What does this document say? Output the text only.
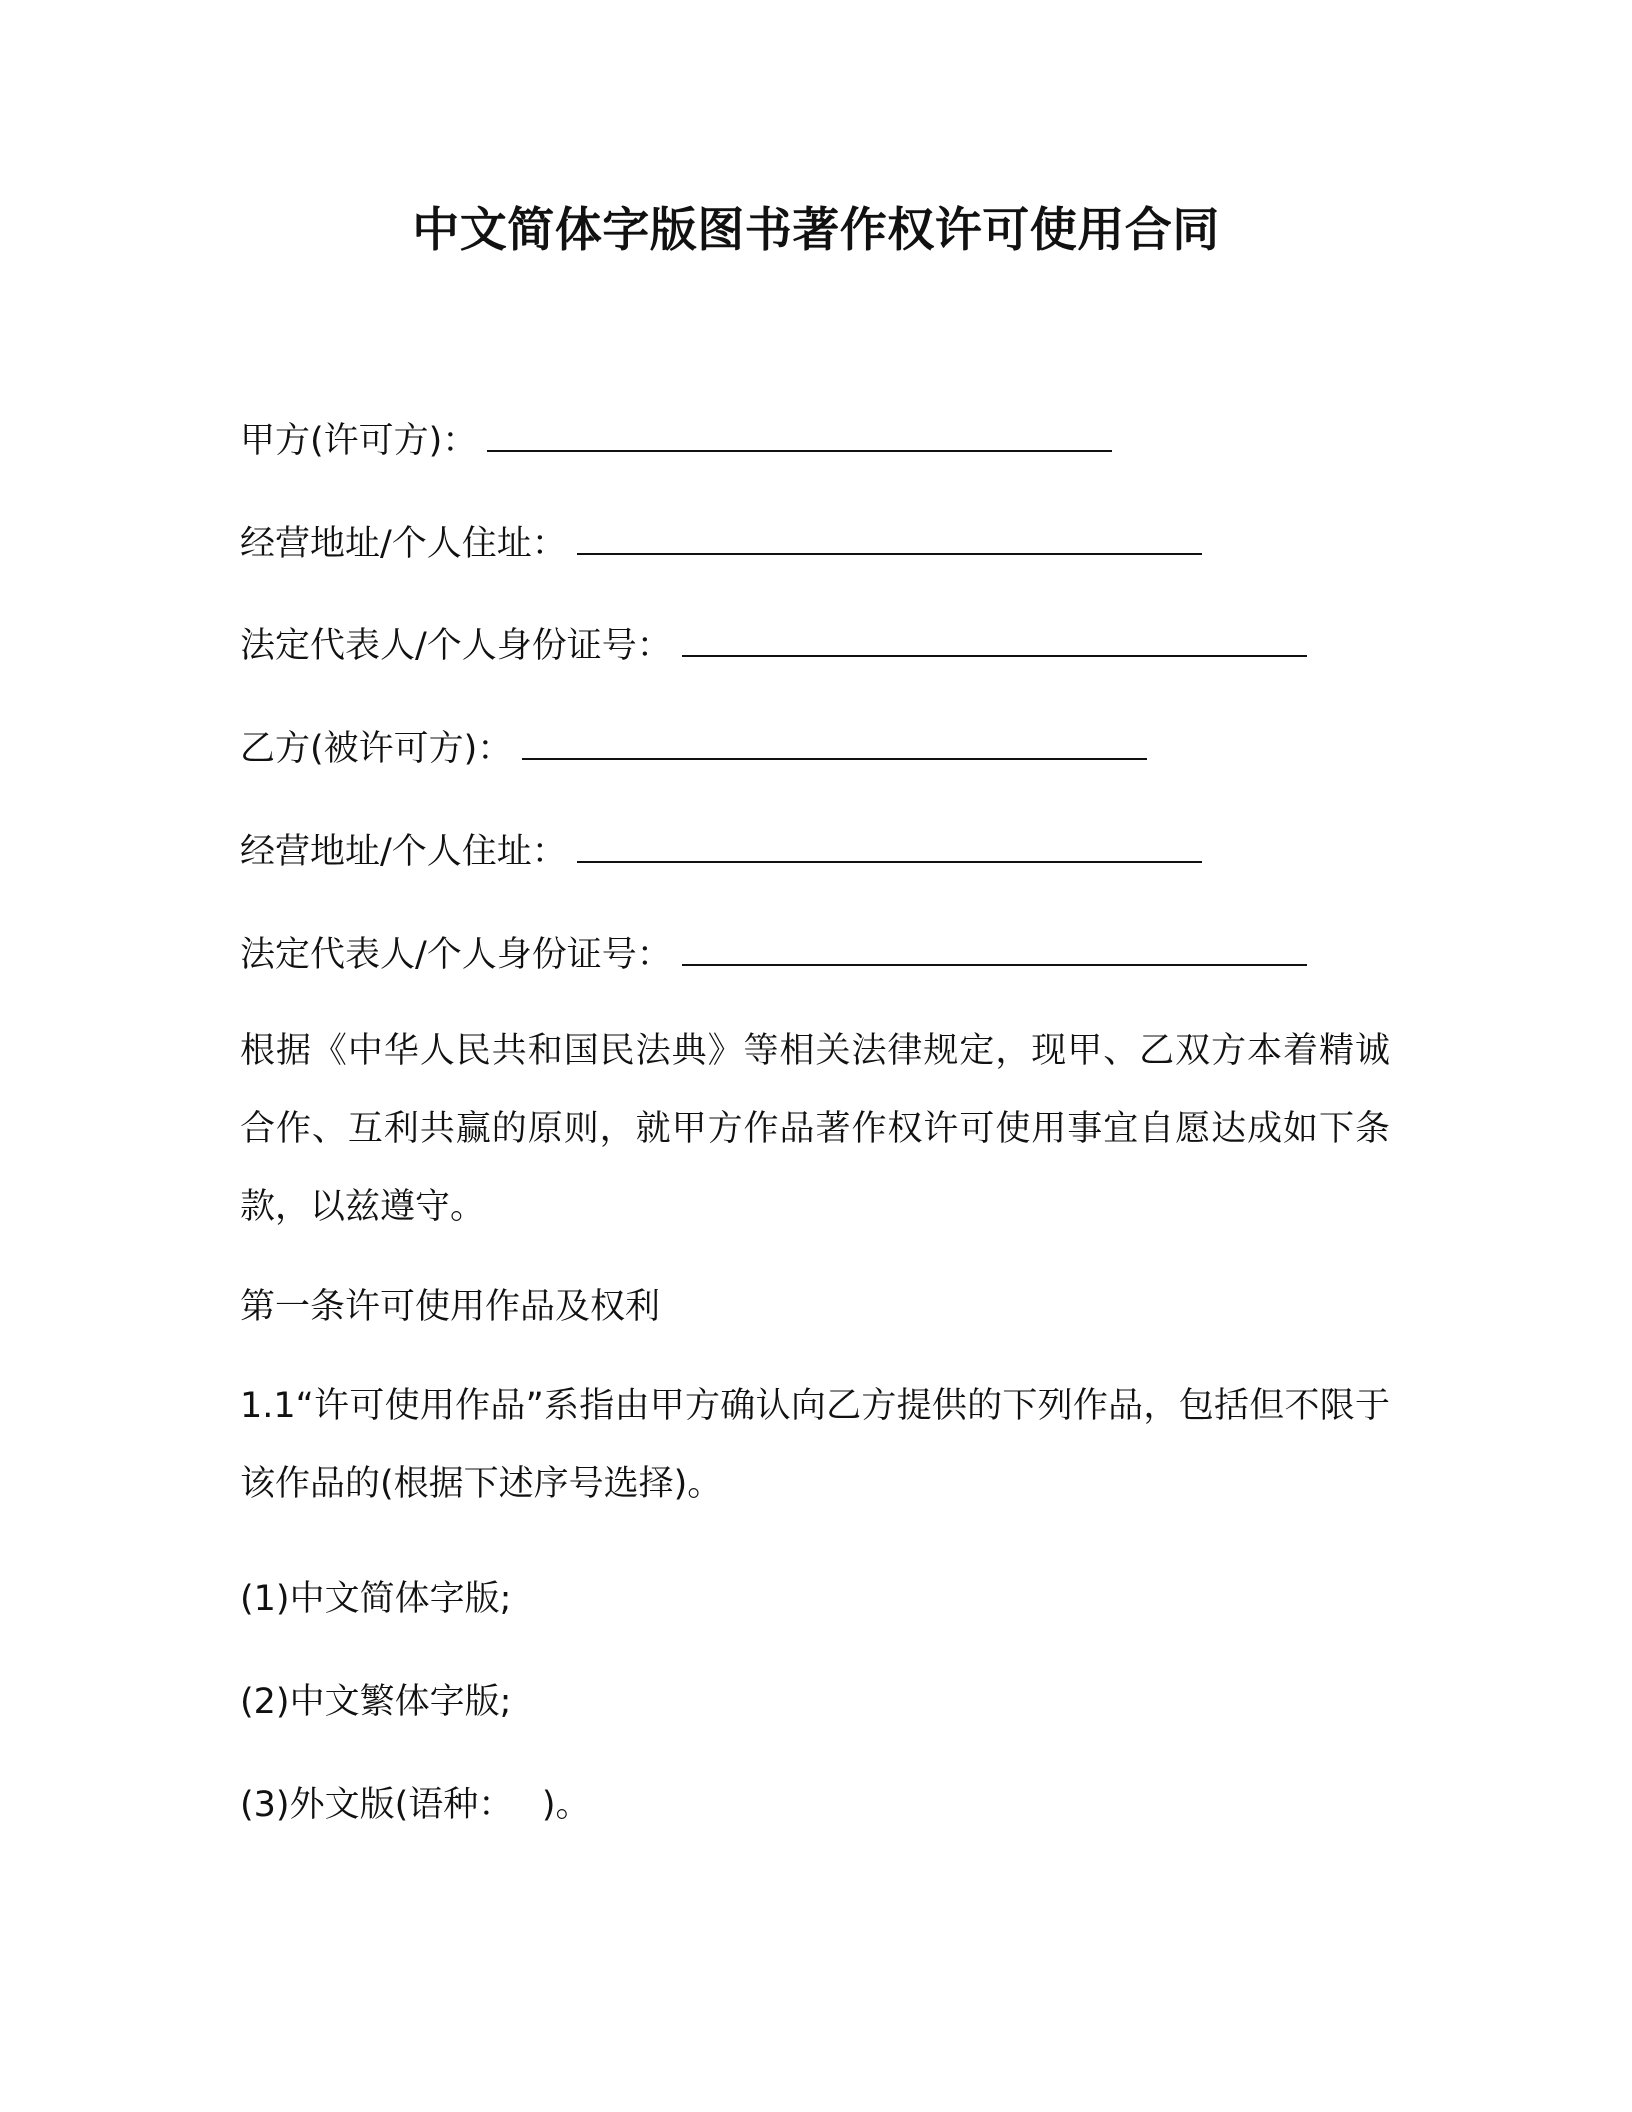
中文简体字版图书著作权许可使用合同

甲方(许可方)：

经营地址/个人住址：

法定代表人/个人身份证号：

乙方(被许可方)：

经营地址/个人住址：

法定代表人/个人身份证号：

根据《中华人民共和国民法典》等相关法律规定，现甲、乙双方本着精诚合作、互利共赢的原则，就甲方作品著作权许可使用事宜自愿达成如下条款，以兹遵守。

第一条许可使用作品及权利

1.1“许可使用作品”系指由甲方确认向乙方提供的下列作品，包括但不限于该作品的(根据下述序号选择)。

(1)中文简体字版;

(2)中文繁体字版;

(3)外文版(语种：　 )。
